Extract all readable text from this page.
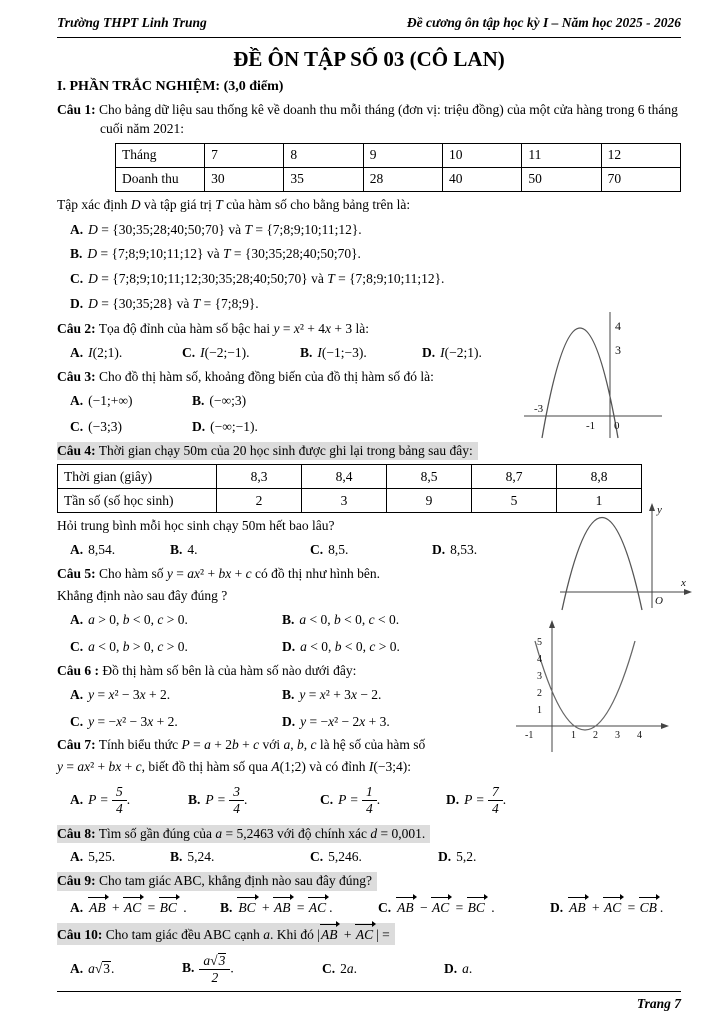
Trường THPT Linh Trung	Đề cương ôn tập học kỳ I – Năm học 2025 - 2026
ĐỀ ÔN TẬP SỐ 03 (CÔ LAN)
I. PHẦN TRẮC NGHIỆM: (3,0 điểm)
Câu 1: Cho bảng dữ liệu sau thống kê về doanh thu mỗi tháng (đơn vị: triệu đồng) của một cửa hàng trong 6 tháng cuối năm 2021:
Tháng	7	8	9	10	11	12
Doanh thu	30	35	28	40	50	70
Tập xác định D và tập giá trị T của hàm số cho bằng bảng trên là:
A. D = {30;35;28;40;50;70} và T = {7;8;9;10;11;12}.
B. D = {7;8;9;10;11;12} và T = {30;35;28;40;50;70}.
C. D = {7;8;9;10;11;12;30;35;28;40;50;70} và T = {7;8;9;10;11;12}.
D. D = {30;35;28} và T = {7;8;9}.
Câu 2: Tọa độ đỉnh của hàm số bậc hai y = x² + 4x + 3 là:
A. I(2;1).	C. I(−2;−1).	B. I(−1;−3).	D. I(−2;1).
Câu 3: Cho đồ thị hàm số, khoảng đồng biến của đồ thị hàm số đó là:
A. (−1;+∞)	B. (−∞;3)
C. (−3;3)	D. (−∞;−1).
Câu 4: Thời gian chạy 50m của 20 học sinh được ghi lại trong bảng sau đây:
Thời gian (giây)	8,3	8,4	8,5	8,7	8,8
Tần số (số học sinh)	2	3	9	5	1
Hỏi trung bình mỗi học sinh chạy 50m hết bao lâu?
A. 8,54.	B. 4.	C. 8,5.	D. 8,53.
Câu 5: Cho hàm số y = ax² + bx + c có đồ thị như hình bên.
Khẳng định nào sau đây đúng ?
A. a > 0, b < 0, c > 0.	B. a < 0, b < 0, c < 0.
C. a < 0, b > 0, c > 0.	D. a < 0, b < 0, c > 0.
Câu 6 : Đồ thị hàm số bên là của hàm số nào dưới đây:
A. y = x² − 3x + 2.	B. y = x² + 3x − 2.
C. y = −x² − 3x + 2.	D. y = −x² − 2x + 3.
Câu 7: Tính biểu thức P = a + 2b + c với a, b, c là hệ số của hàm số
y = ax² + bx + c, biết đồ thị hàm số qua A(1;2) và có đỉnh I(−3;4):
A. $P = \frac{5}{4}$ .	B. $P = \frac{3}{4}$ .	C. $P = \frac{1}{4}$ .	D. $P = \frac{7}{4}$ .
Câu 8: Tìm số gần đúng của a = 5,2463 với độ chính xác d = 0,001.
A. 5,25.	B. 5,24.	C. 5,246.	D. 5,2.
Câu 9: Cho tam giác ABC, khẳng định nào sau đây đúng?
A. AB + AC = BC .	B. BC + AB = AC .	C. AB − AC = BC .	D. AB + AC = CB .
Câu 10: Cho tam giác đều ABC cạnh a. Khi đó |AB + AC | =
A. a√3.	B. $\frac{a√3}{2}$ .	C. 2a.	D. a.
4
3
-3
-1 0
y
x
O
5
4
3
2
1
-1	1 2 3 4
Trang 7
